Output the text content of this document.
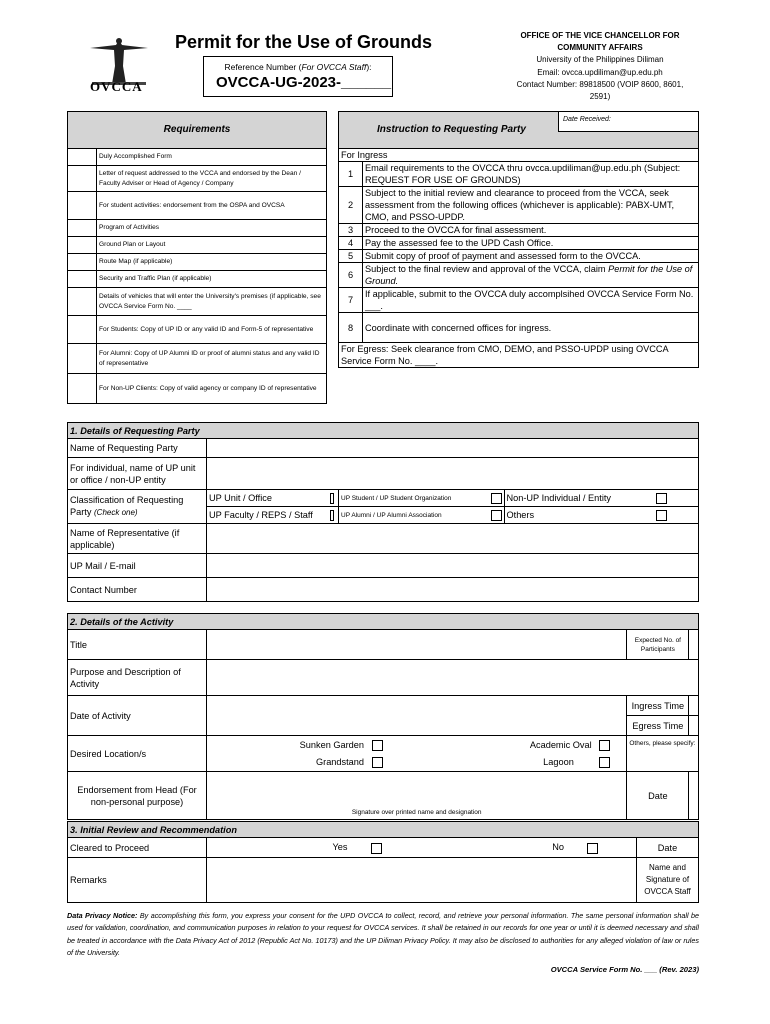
OVCCA
Permit for the Use of Grounds
Reference Number (For OVCCA Staff):
OVCCA-UG-2023-______
OFFICE OF THE VICE CHANCELLOR FOR
COMMUNITY AFFAIRS
University of the Philippines Diliman
Email: ovcca.updiliman@up.edu.ph
Contact Number: 89818500 (VOIP 8600, 8601,
2591)
Requirements	
	Duly Accomplished Form
	Letter of request addressed to the VCCA and endorsed by the Dean / Faculty Adviser or Head of Agency / Company
	For student activities: endorsement from the OSPA and OVCSA
	Program of Activities
	Ground Plan or Layout
	Route Map (if applicable)
	Security and Traffic Plan (if applicable)
	Details of vehicles that will enter the University's premises (if applicable, see OVCCA Service Form No. ____
	For Students: Copy of UP ID or any valid ID and Form-5 of representative
	For Alumni: Copy of UP Alumni ID or proof of alumni status and any valid ID of representative
	For Non-UP Clients: Copy of valid agency or company ID of representative
Instruction to Requesting Party
Date Received:	

For Ingress	
1	Email requirements to the OVCCA thru ovcca.updiliman@up.edu.ph (Subject: REQUEST FOR USE OF GROUNDS)
2	Subject to the initial review and clearance to proceed from the VCCA, seek assessment from the following offices (whichever is applicable): PABX-UMT, CMO, and PSSO-UPDP.
3	Proceed to the OVCCA for final assessment.
4	Pay the assessed fee to the UPD Cash Office.
5	Submit copy of proof of payment and assessed form to the OVCCA.
6	Subject to the final review and approval of the VCCA, claim Permit for the Use of Ground.
7	If applicable, submit to the OVCCA duly accomplsihed OVCCA Service Form No. ___.
8	Coordinate with concerned offices for ingress.
For Egress: Seek clearance from CMO, DEMO, and PSSO-UPDP using OVCCA Service Form No. ____.	
1. Details of Requesting Party						
Name of Requesting Party						
For individual, name of UP unit or office / non-UP entity						
Classification of Requesting
Party (Check one)	UP Unit / Office		UP Student / UP Student Organization		Non-UP Individual / Entity	
	UP Faculty / REPS / Staff		UP Alumni / UP Alumni Association		Others	
Name of Representative (if applicable)						
UP Mail / E-mail						
Contact Number						
2. Details of the Activity			
Title		Expected No. of Participants	
Purpose and Description of Activity			
Date of Activity		Ingress Time	
		Egress Time	
Desired Location/s	Sunken Garden Academic Oval
Grandstand Lagoon	Others, please specify:	
Endorsement from Head (For non-personal purpose)	Signature over printed name and designation	Date	
3. Initial Review and Recommendation		
Cleared to Proceed	Yes No	Date
Remarks		Name and Signature of OVCCA Staff
Data Privacy Notice: By accomplishing this form, you express your consent for the UPD OVCCA to collect, record, and retrieve your personal information. The same personal information shall be used for validation, coordination, and communication purposes in relation to your request for OVCCA services. It shall be retained in our records for one year or until it is deemed necessary and shall be treated in accordance with the Data Privacy Act of 2012 (Republic Act No. 10173) and the UP Diliman Privacy Policy. It may also be disclosed to authorities for any alleged violation of law or rules of the University.
OVCCA Service Form No. ___ (Rev. 2023)
